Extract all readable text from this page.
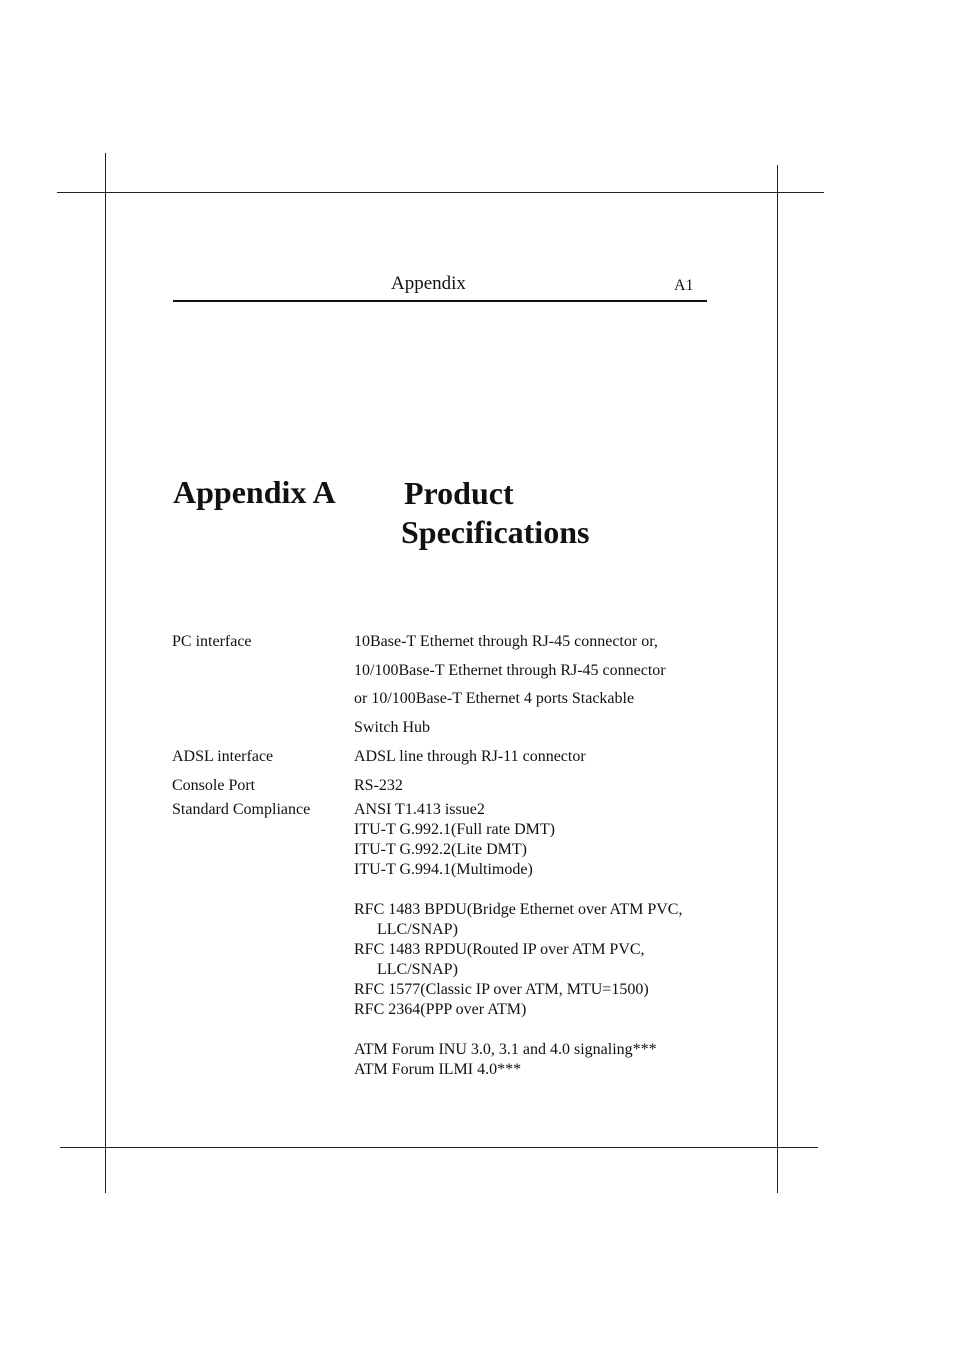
Appendix	A1
Appendix A Product
Specifications
PC interface	10Base-T Ethernet through RJ-45 connector or,
10/100Base-T Ethernet through RJ-45 connector
or 10/100Base-T Ethernet 4 ports Stackable
Switch Hub
ADSL interface	ADSL line through RJ-11 connector
Console Port	RS-232
Standard Compliance	ANSI T1.413 issue2
ITU-T G.992.1(Full rate DMT)
ITU-T G.992.2(Lite DMT)
ITU-T G.994.1(Multimode)
RFC 1483 BPDU(Bridge Ethernet over ATM PVC,
LLC/SNAP)
RFC 1483 RPDU(Routed IP over ATM PVC,
LLC/SNAP)
RFC 1577(Classic IP over ATM, MTU=1500)
RFC 2364(PPP over ATM)
ATM Forum INU 3.0, 3.1 and 4.0 signaling***
ATM Forum ILMI 4.0***
